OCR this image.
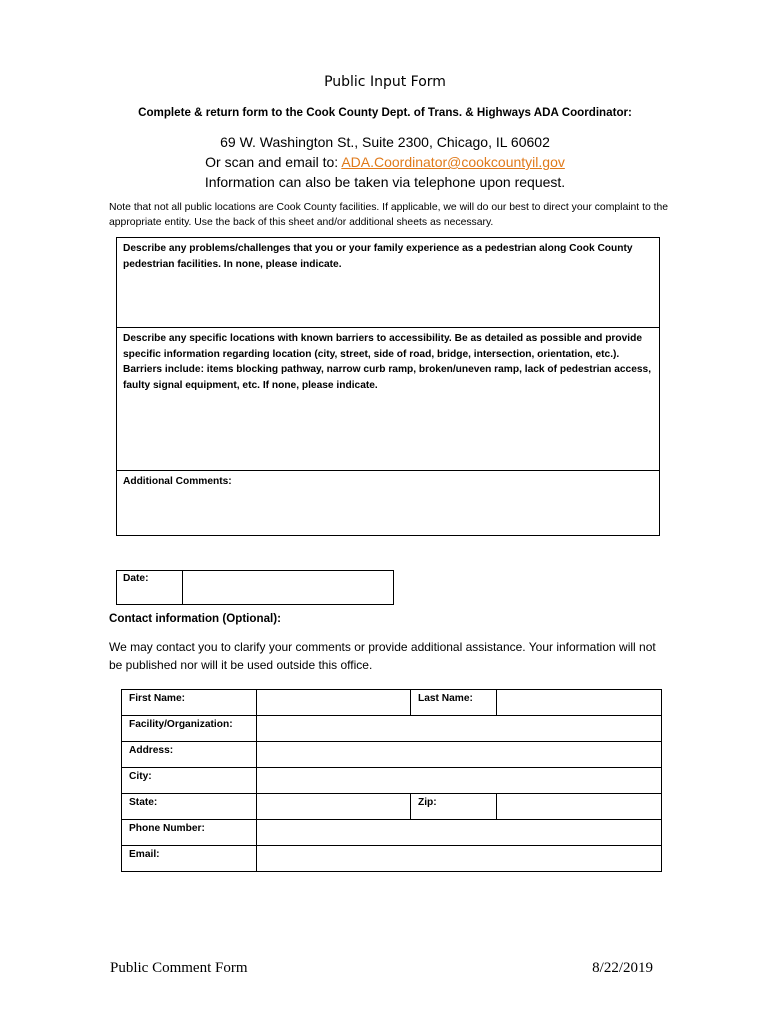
Public Input Form
Complete & return form to the Cook County Dept. of Trans. & Highways ADA Coordinator:
69 W. Washington St., Suite 2300, Chicago, IL 60602
Or scan and email to: ADA.Coordinator@cookcountyil.gov
Information can also be taken via telephone upon request.
Note that not all public locations are Cook County facilities. If applicable, we will do our best to direct your complaint to the appropriate entity. Use the back of this sheet and/or additional sheets as necessary.
Describe any problems/challenges that you or your family experience as a pedestrian along Cook County pedestrian facilities. In none, please indicate.
Describe any specific locations with known barriers to accessibility. Be as detailed as possible and provide specific information regarding location (city, street, side of road, bridge, intersection, orientation, etc.). Barriers include: items blocking pathway, narrow curb ramp, broken/uneven ramp, lack of pedestrian access, faulty signal equipment, etc. If none, please indicate.
Additional Comments:
Date:
Contact information (Optional):
We may contact you to clarify your comments or provide additional assistance. Your information will not be published nor will it be used outside this office.
First Name:		Last Name:	
Facility/Organization:			
Address:			
City:			
State:		Zip:	
Phone Number:			
Email:			
Public Comment Form	8/22/2019
